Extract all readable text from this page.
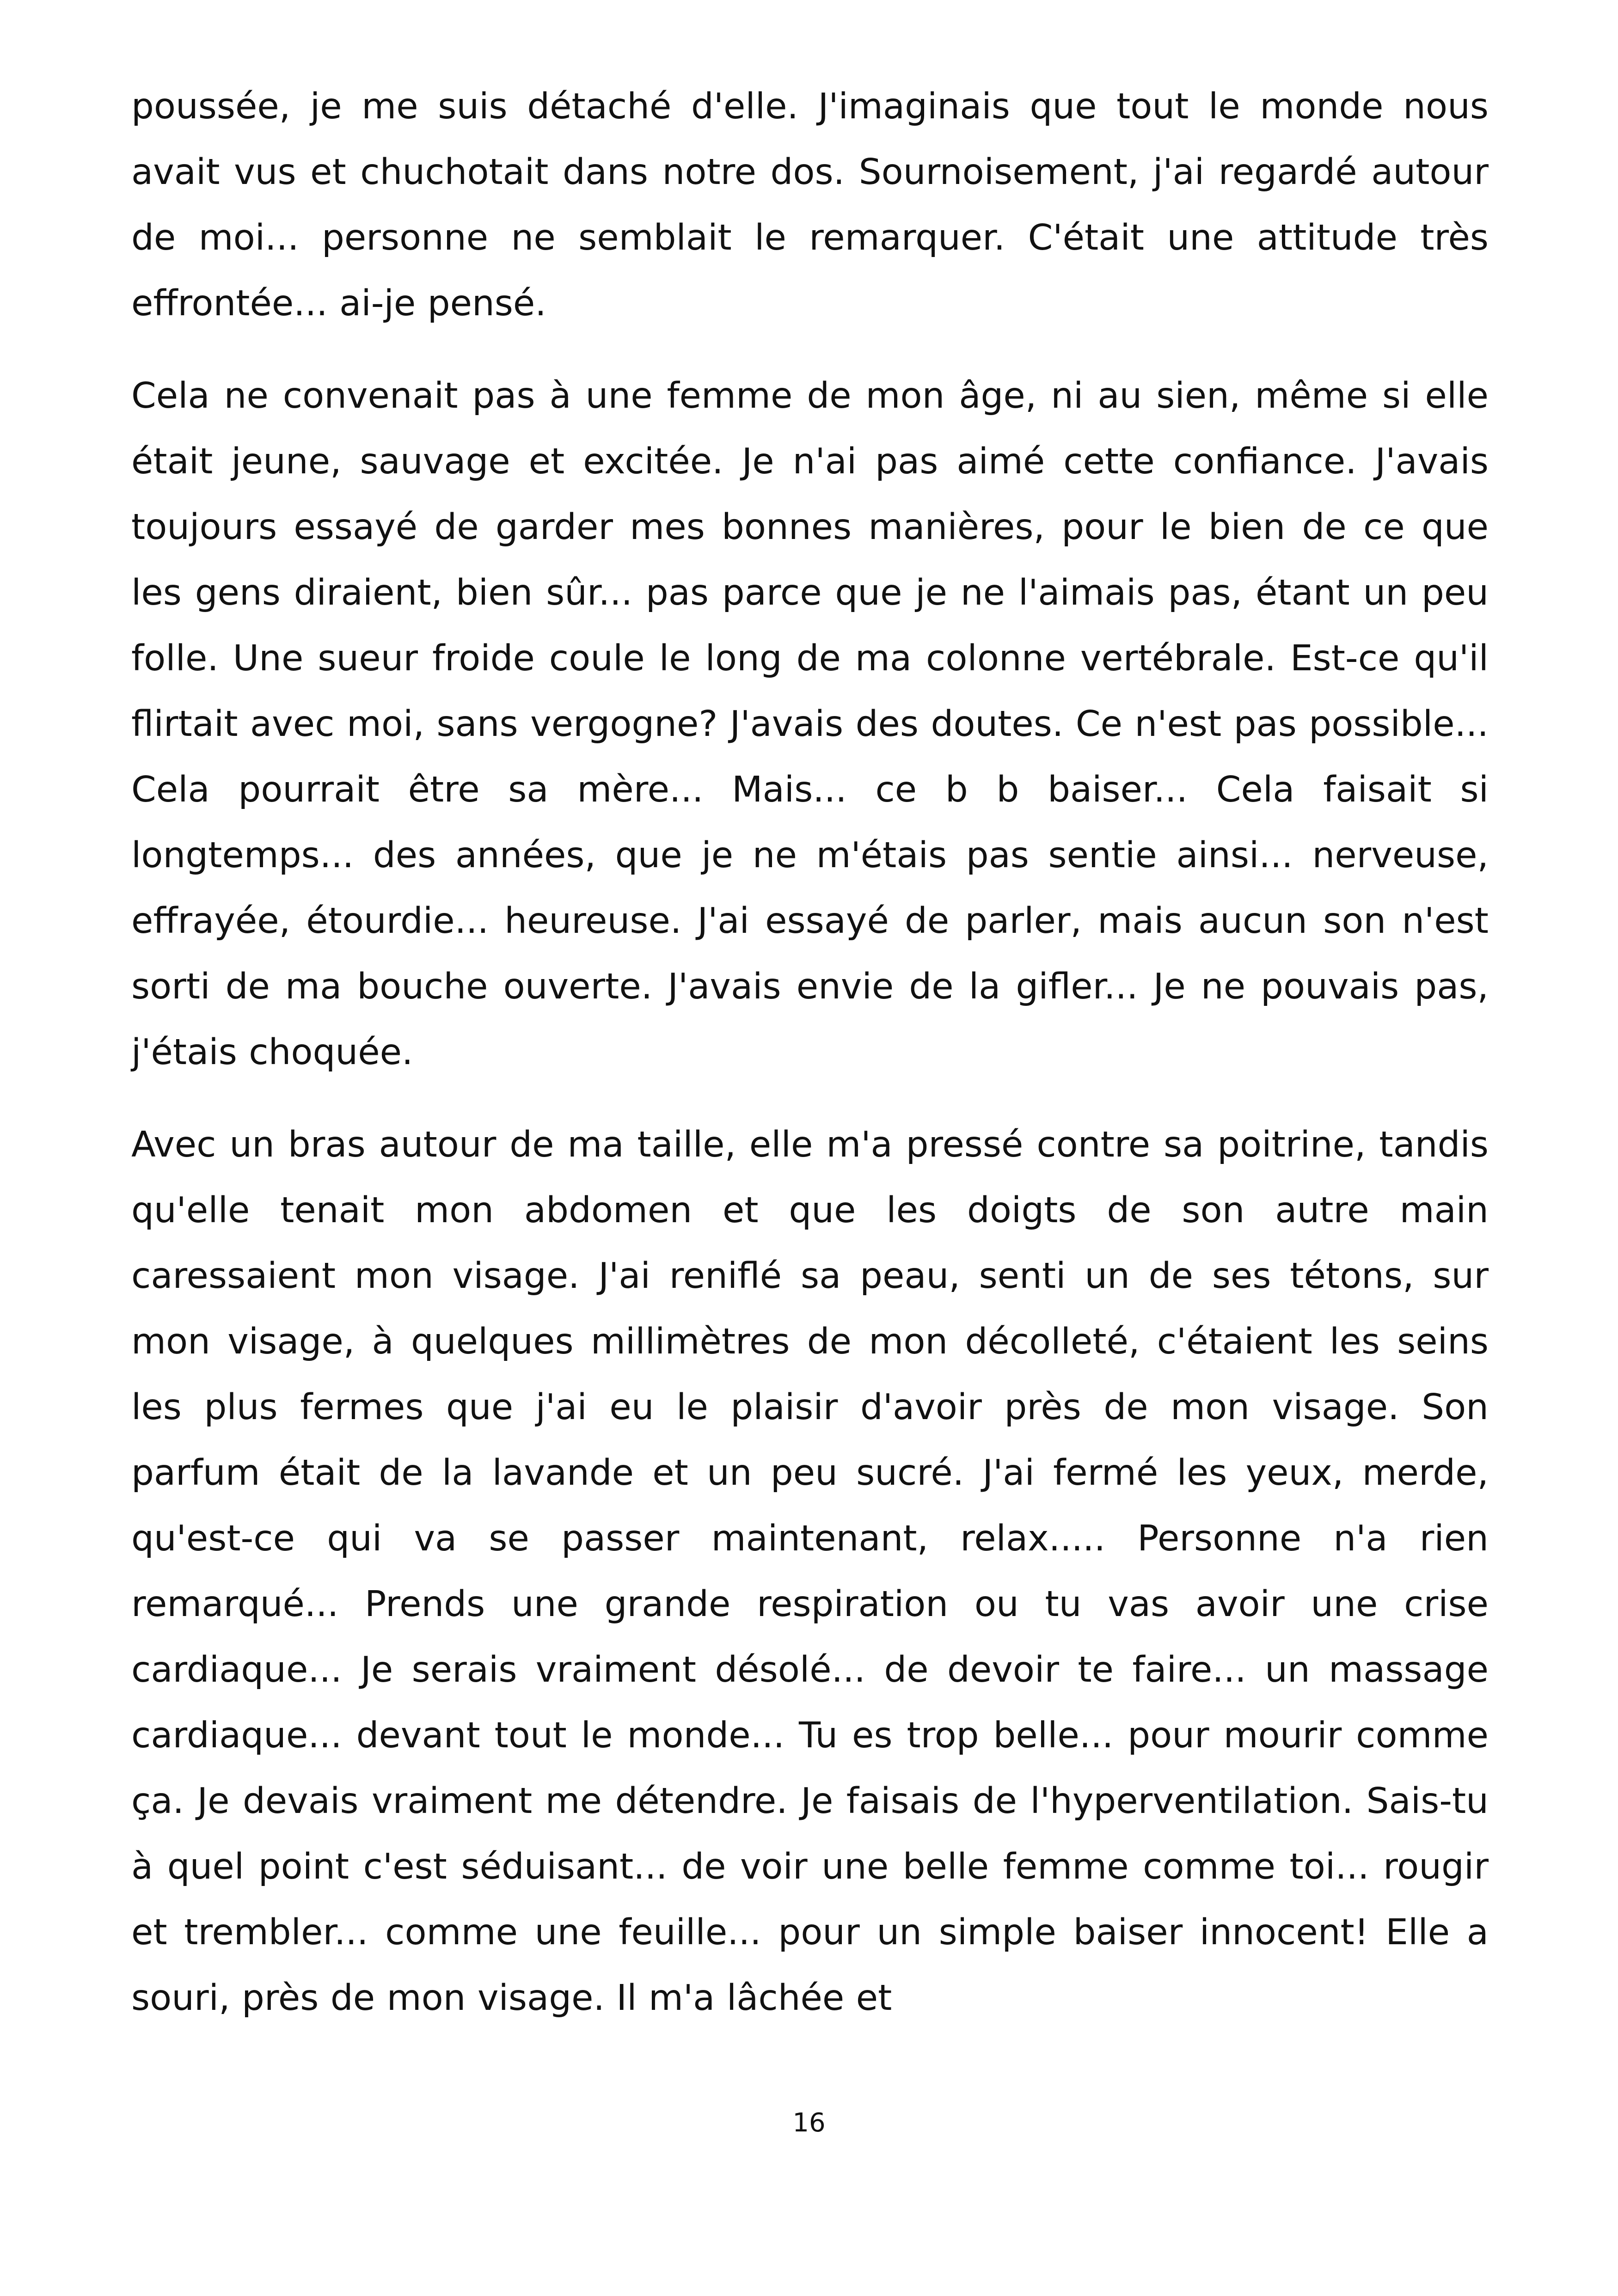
poussée, je me suis détaché d'elle. J'imaginais que tout le monde nous avait vus et chuchotait dans notre dos. Sournoisement, j'ai regardé autour de moi... personne ne semblait le remarquer. C'était une attitude très effrontée... ai-je pensé.

Cela ne convenait pas à une femme de mon âge, ni au sien, même si elle était jeune, sauvage et excitée. Je n'ai pas aimé cette confiance. J'avais toujours essayé de garder mes bonnes manières, pour le bien de ce que les gens diraient, bien sûr... pas parce que je ne l'aimais pas, étant un peu folle. Une sueur froide coule le long de ma colonne vertébrale. Est-ce qu'il flirtait avec moi, sans vergogne? J'avais des doutes. Ce n'est pas possible... Cela pourrait être sa mère... Mais... ce b b baiser... Cela faisait si longtemps... des années, que je ne m'étais pas sentie ainsi... nerveuse, effrayée, étourdie... heureuse. J'ai essayé de parler, mais aucun son n'est sorti de ma bouche ouverte. J'avais envie de la gifler... Je ne pouvais pas, j'étais choquée.

Avec un bras autour de ma taille, elle m'a pressé contre sa poitrine, tandis qu'elle tenait mon abdomen et que les doigts de son autre main caressaient mon visage. J'ai reniflé sa peau, senti un de ses tétons, sur mon visage, à quelques millimètres de mon décolleté, c'étaient les seins les plus fermes que j'ai eu le plaisir d'avoir près de mon visage. Son parfum était de la lavande et un peu sucré. J'ai fermé les yeux, merde, qu'est-ce qui va se passer maintenant, relax..... Personne n'a rien remarqué... Prends une grande respiration ou tu vas avoir une crise cardiaque... Je serais vraiment désolé... de devoir te faire... un massage cardiaque... devant tout le monde... Tu es trop belle... pour mourir comme ça. Je devais vraiment me détendre. Je faisais de l'hyperventilation. Sais-tu à quel point c'est séduisant... de voir une belle femme comme toi... rougir et trembler... comme une feuille... pour un simple baiser innocent! Elle a souri, près de mon visage. Il m'a lâchée et

16
